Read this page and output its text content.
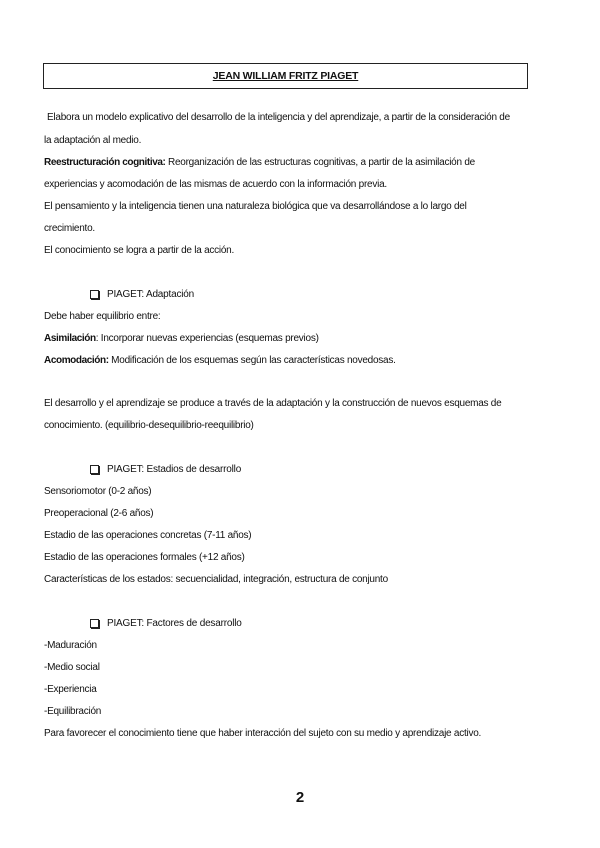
JEAN WILLIAM FRITZ PIAGET
Elabora un modelo explicativo del desarrollo de la inteligencia y del aprendizaje, a partir de la consideración de
la adaptación al medio.
Reestructuración cognitiva: Reorganización de las estructuras cognitivas, a partir de la asimilación de
experiencias y acomodación de las mismas de acuerdo con la información previa.
El pensamiento y la inteligencia tienen una naturaleza biológica que va desarrollándose a lo largo del
crecimiento.
El conocimiento se logra a partir de la acción.
PIAGET: Adaptación
Debe haber equilibrio entre:
Asimilación: Incorporar nuevas experiencias (esquemas previos)
Acomodación: Modificación de los esquemas según las características novedosas.
El desarrollo y el aprendizaje se produce a través de la adaptación y la construcción de nuevos esquemas de
conocimiento. (equilibrio-desequilibrio-reequilibrio)
PIAGET: Estadios de desarrollo
Sensoriomotor (0-2 años)
Preoperacional (2-6 años)
Estadio de las operaciones concretas (7-11 años)
Estadio de las operaciones formales (+12 años)
Características de los estados: secuencialidad, integración, estructura de conjunto
PIAGET: Factores de desarrollo
-Maduración
-Medio social
-Experiencia
-Equilibración
Para favorecer el conocimiento tiene que haber interacción del sujeto con su medio y aprendizaje activo.
2
